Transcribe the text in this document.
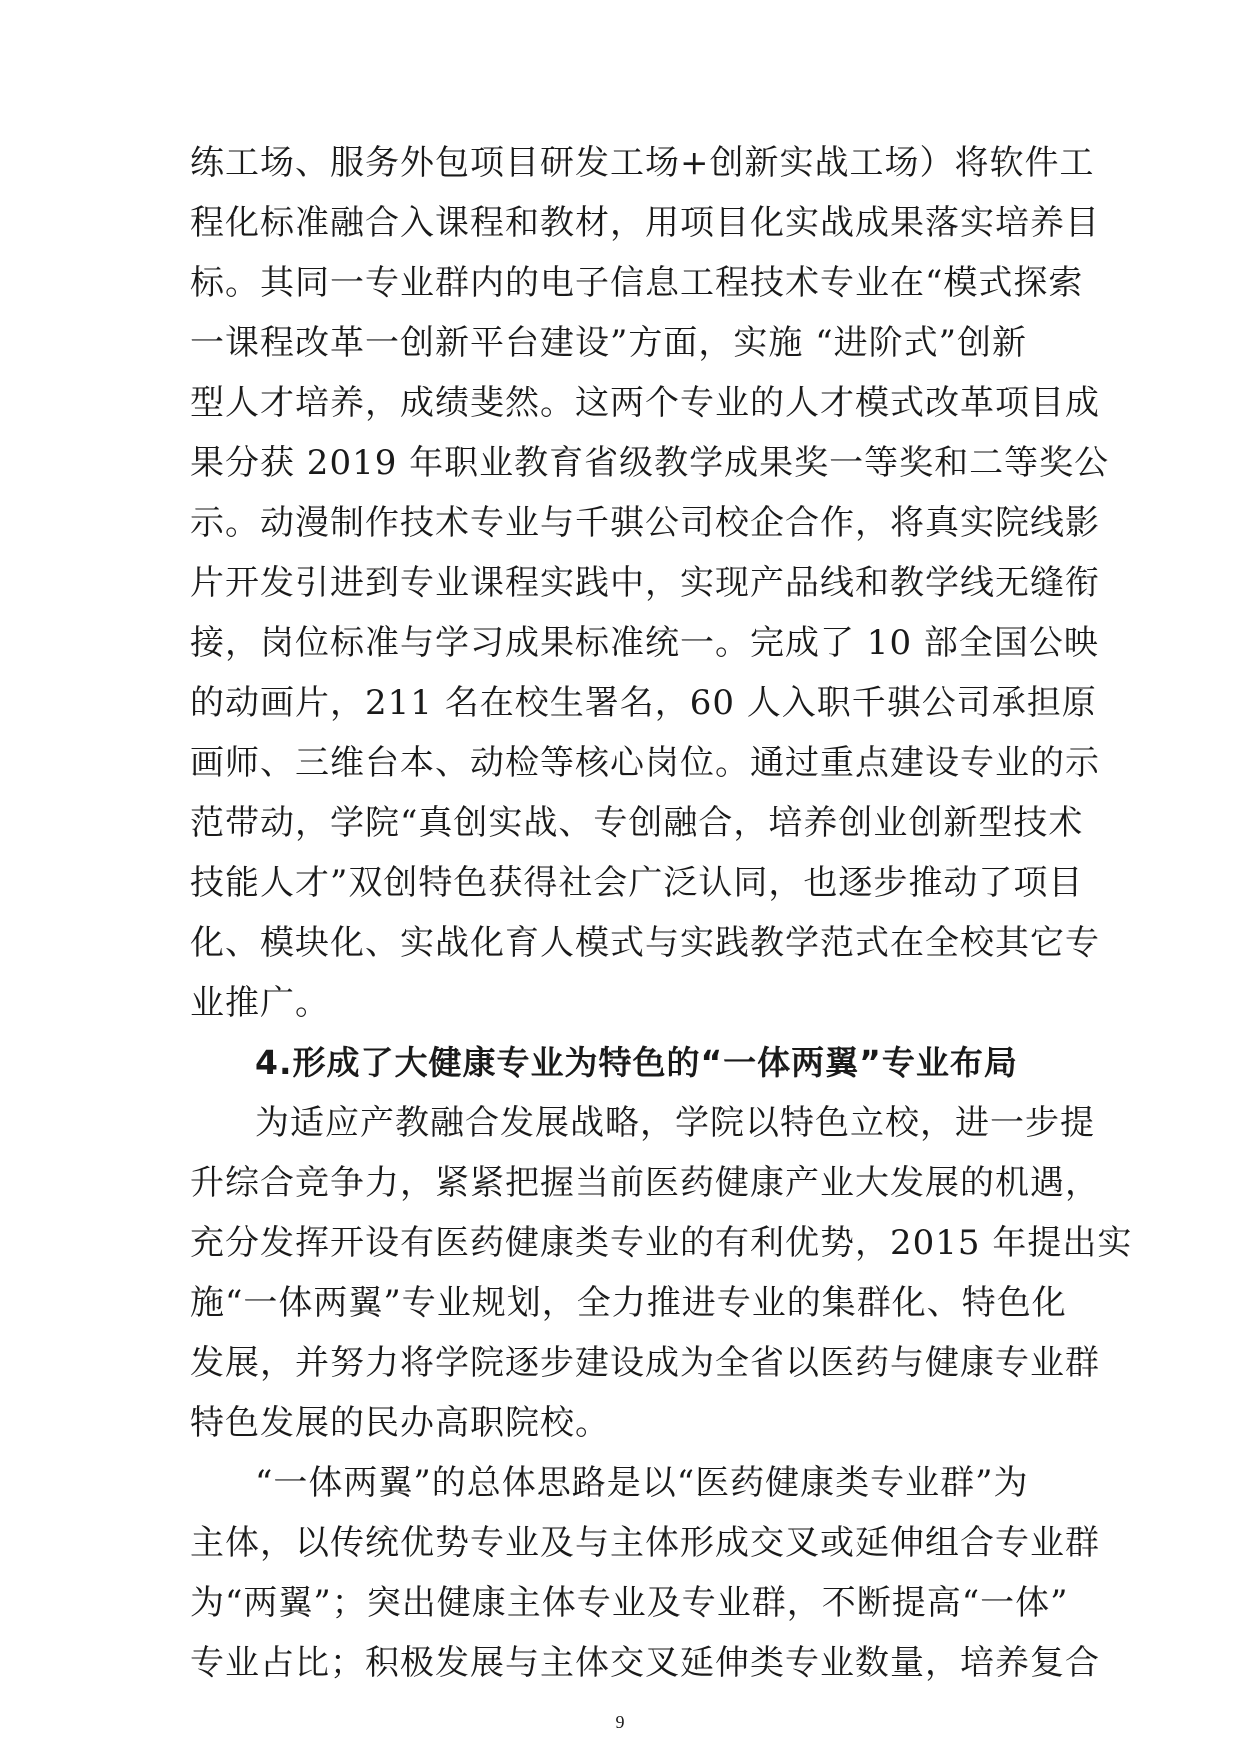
练工场、服务外包项目研发工场+创新实战工场）将软件工
程化标准融合入课程和教材，用项目化实战成果落实培养目
标。其同一专业群内的电子信息工程技术专业在“模式探索
一课程改革一创新平台建设”方面，实施 “进阶式”创新
型人才培养，成绩斐然。这两个专业的人才模式改革项目成
果分获 2019 年职业教育省级教学成果奖一等奖和二等奖公
示。动漫制作技术专业与千骐公司校企合作，将真实院线影
片开发引进到专业课程实践中，实现产品线和教学线无缝衔
接，岗位标准与学习成果标准统一。完成了 10 部全国公映
的动画片，211 名在校生署名，60 人入职千骐公司承担原
画师、三维台本、动检等核心岗位。通过重点建设专业的示
范带动，学院“真创实战、专创融合，培养创业创新型技术
技能人才”双创特色获得社会广泛认同，也逐步推动了项目
化、模块化、实战化育人模式与实践教学范式在全校其它专
业推广。
4.形成了大健康专业为特色的“一体两翼”专业布局
为适应产教融合发展战略，学院以特色立校，进一步提
升综合竞争力，紧紧把握当前医药健康产业大发展的机遇，
充分发挥开设有医药健康类专业的有利优势，2015 年提出实
施“一体两翼”专业规划，全力推进专业的集群化、特色化
发展，并努力将学院逐步建设成为全省以医药与健康专业群
特色发展的民办高职院校。
“一体两翼”的总体思路是以“医药健康类专业群”为
主体，以传统优势专业及与主体形成交叉或延伸组合专业群
为“两翼”；突出健康主体专业及专业群，不断提高“一体”
专业占比；积极发展与主体交叉延伸类专业数量，培养复合
9
